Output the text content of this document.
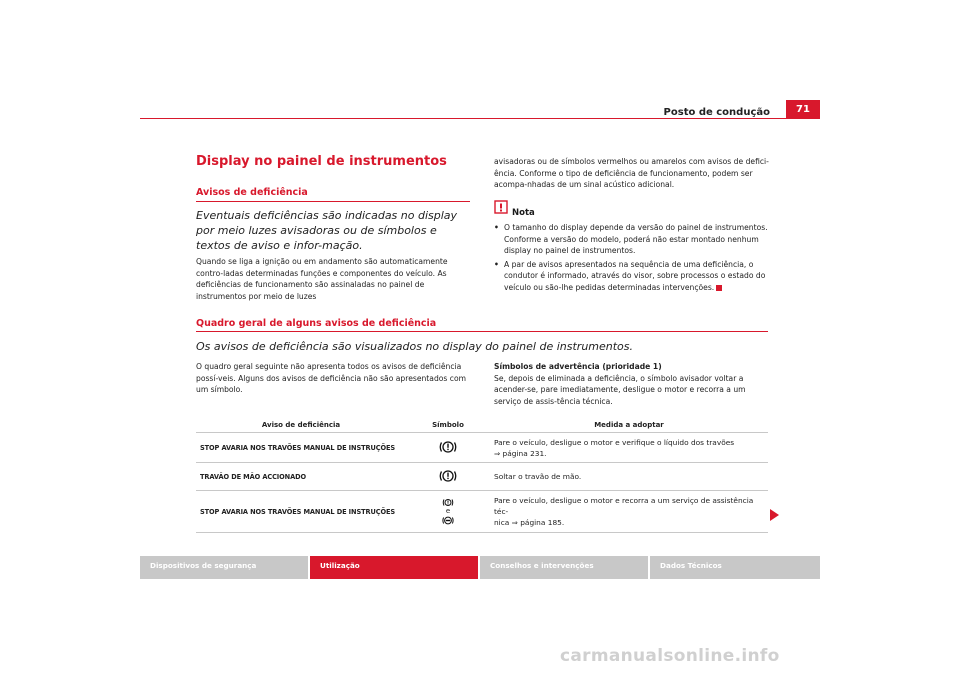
Posto de condução	71
Display no painel de instrumentos
Avisos de deficiência
Eventuais deficiências são indicadas no display por meio luzes avisadoras ou de símbolos e textos de aviso e infor-mação.
Quando se liga a ignição ou em andamento são automaticamente contro-ladas determinadas funções e componentes do veículo. As deficiências de funcionamento são assinaladas no painel de instrumentos por meio de luzes
avisadoras ou de símbolos vermelhos ou amarelos com avisos de defici-ência. Conforme o tipo de deficiência de funcionamento, podem ser acompa-nhadas de um sinal acústico adicional.
Nota
• O tamanho do display depende da versão do painel de instrumentos. Conforme a versão do modelo, poderá não estar montado nenhum display no painel de instrumentos.
• A par de avisos apresentados na sequência de uma deficiência, o condutor é informado, através do visor, sobre processos o estado do veículo ou são-lhe pedidas determinadas intervenções.
Quadro geral de alguns avisos de deficiência
Os avisos de deficiência são visualizados no display do painel de instrumentos.
O quadro geral seguinte não apresenta todos os avisos de deficiência possí-veis. Alguns dos avisos de deficiência não são apresentados com um símbolo.
Símbolos de advertência (prioridade 1)
Se, depois de eliminada a deficiência, o símbolo avisador voltar a acender-se, pare imediatamente, desligue o motor e recorra a um serviço de assis-tência técnica.
Aviso de deficiência	Símbolo	Medida a adoptar
STOP AVARIA NOS TRAVÕES MANUAL DE INSTRUÇÕES		Pare o veículo, desligue o motor e verifique o líquido dos travões
⇒ página 231.

TRAVÃO DE MÃO ACCIONADO		Soltar o travão de mão.

STOP AVARIA NOS TRAVÕES MANUAL DE INSTRUÇÕES	e	Pare o veículo, desligue o motor e recorra a um serviço de assistência téc-
nica ⇒ página 185.
Dispositivos de segurança	Utilização	Conselhos e intervenções	Dados Técnicos
carmanualsonline.info
